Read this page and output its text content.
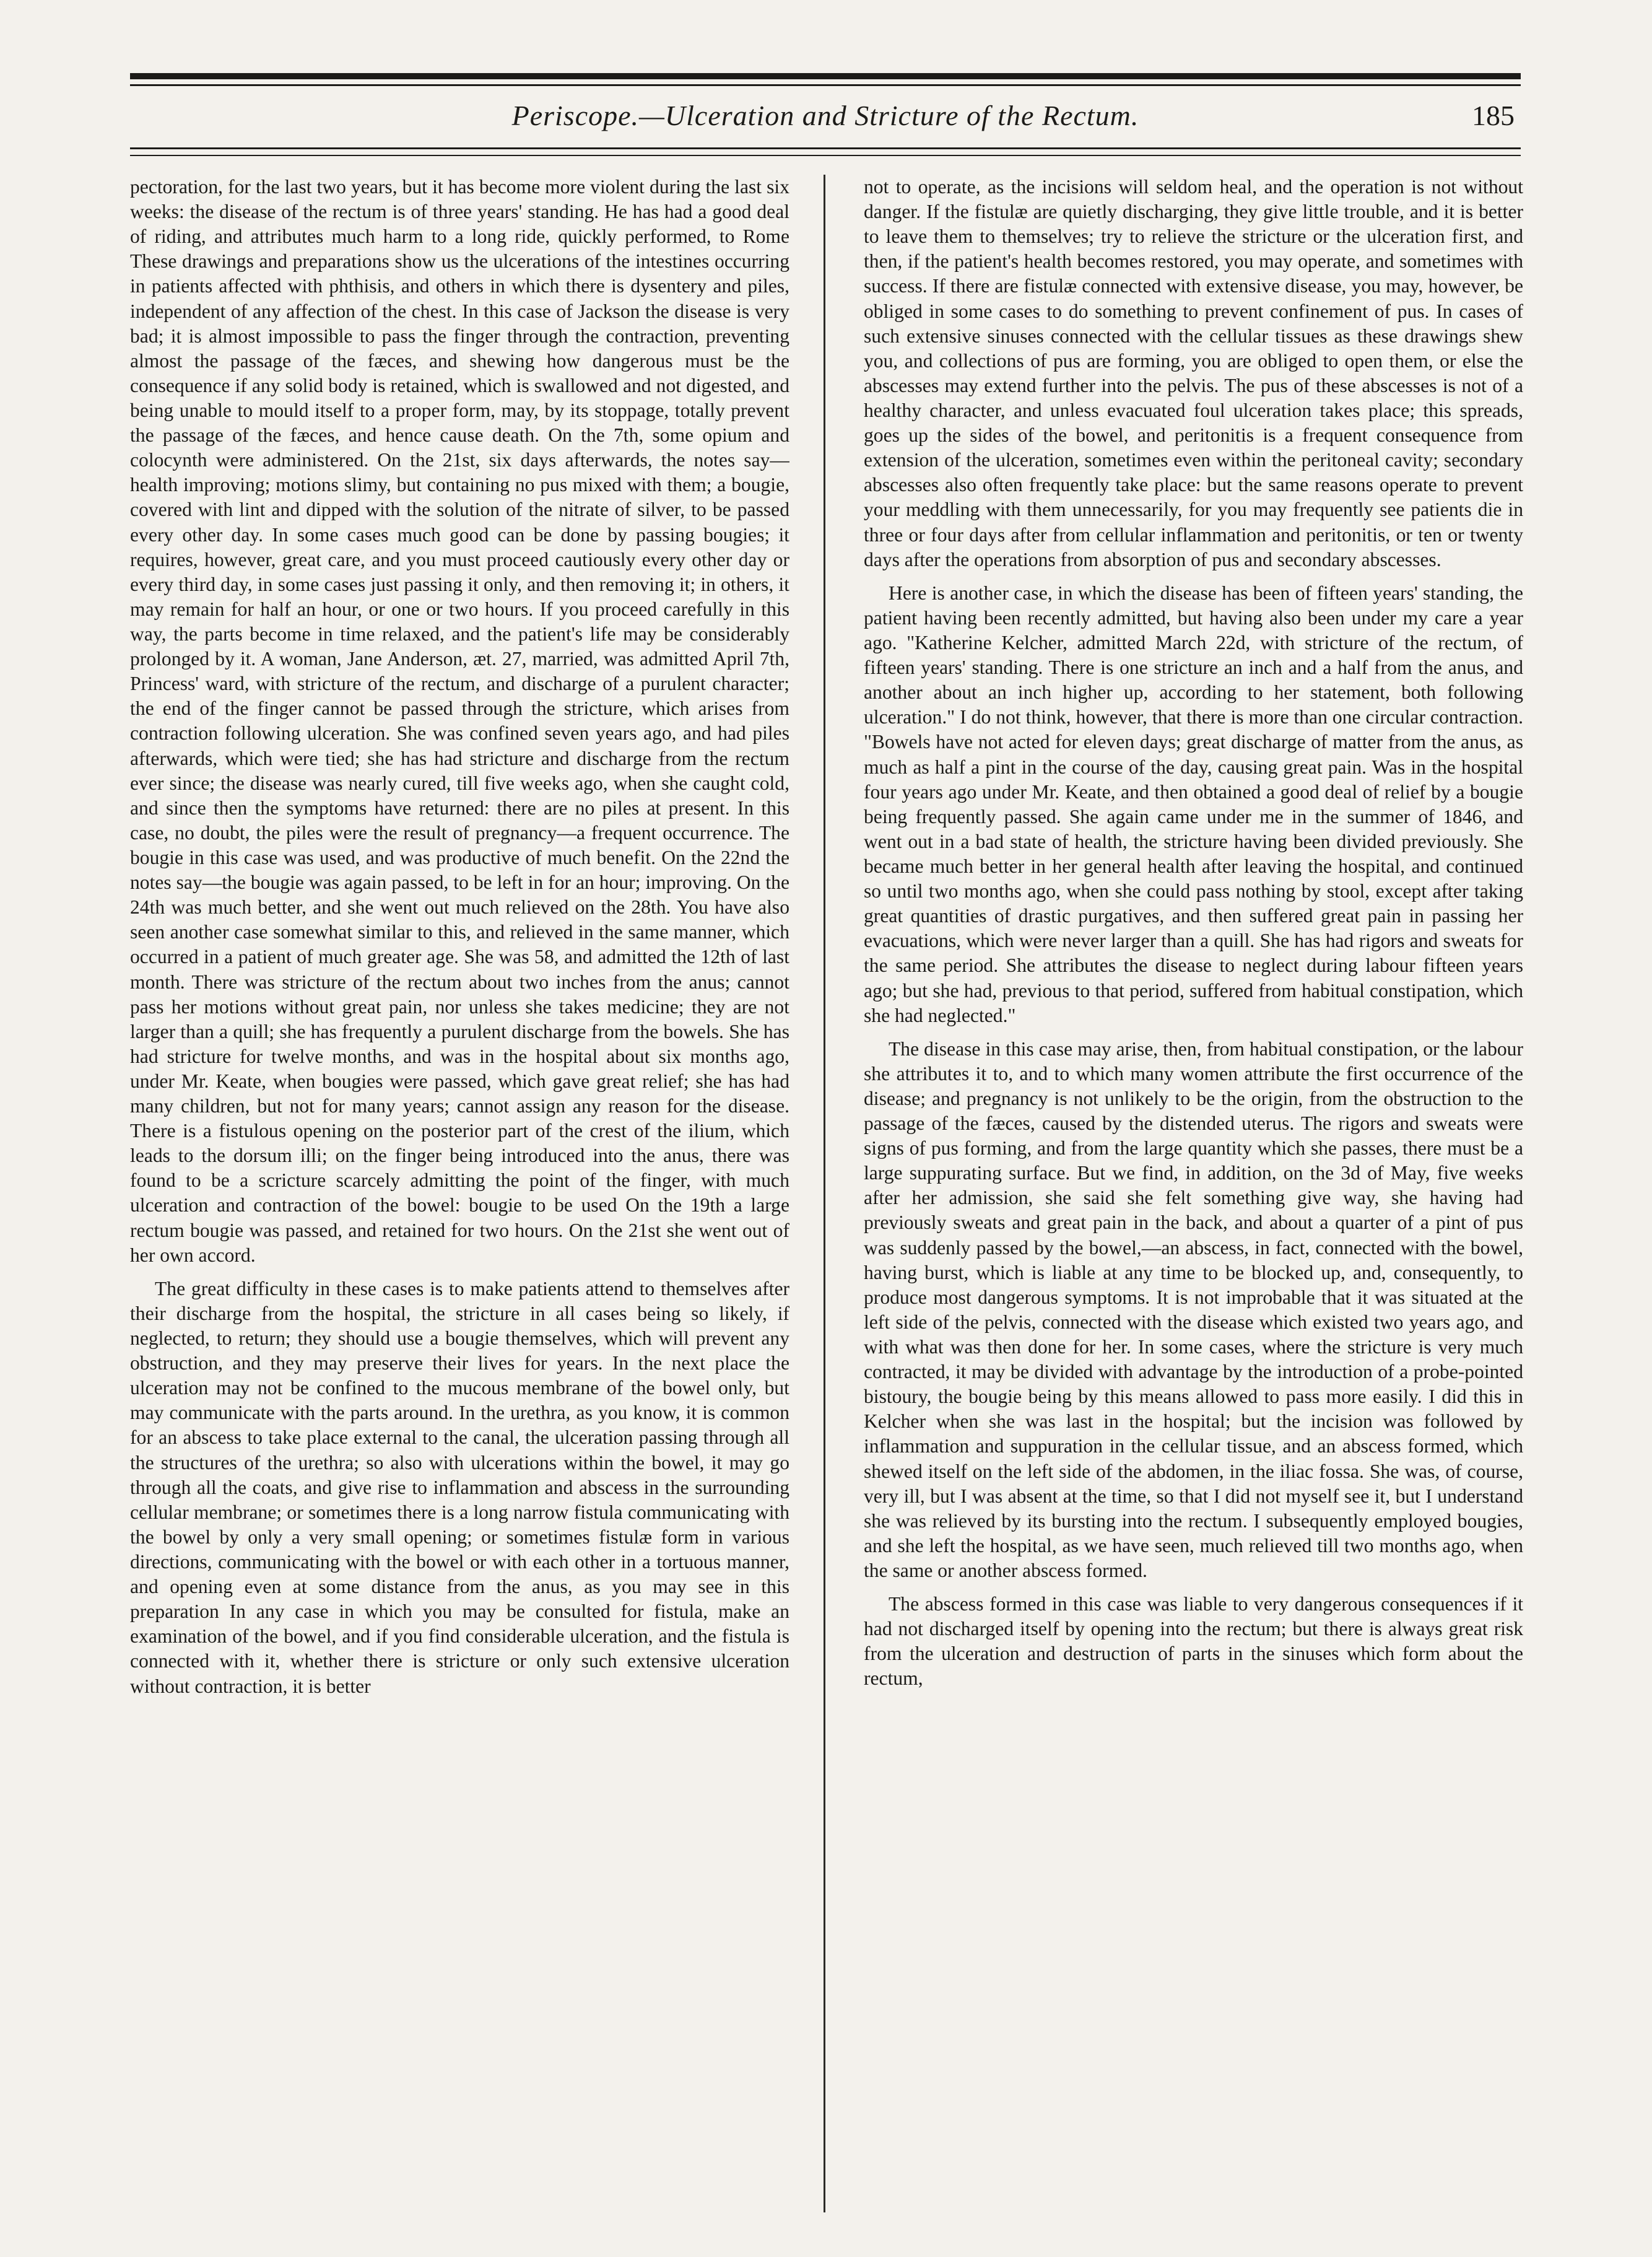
Periscope.—Ulceration and Stricture of the Rectum.	185

pectoration, for the last two years, but it has become more violent during the last six weeks: the disease of the rectum is of three years' standing. He has had a good deal of riding, and attributes much harm to a long ride, quickly performed, to Rome These drawings and preparations show us the ulcerations of the intestines occurring in patients affected with phthisis, and others in which there is dysentery and piles, independent of any affection of the chest. In this case of Jackson the disease is very bad; it is almost impossible to pass the finger through the contraction, preventing almost the passage of the fæces, and shewing how dangerous must be the consequence if any solid body is retained, which is swallowed and not digested, and being unable to mould itself to a proper form, may, by its stoppage, totally prevent the passage of the fæces, and hence cause death. On the 7th, some opium and colocynth were administered. On the 21st, six days afterwards, the notes say—health improving; motions slimy, but containing no pus mixed with them; a bougie, covered with lint and dipped with the solution of the nitrate of silver, to be passed every other day. In some cases much good can be done by passing bougies; it requires, however, great care, and you must proceed cautiously every other day or every third day, in some cases just passing it only, and then removing it; in others, it may remain for half an hour, or one or two hours. If you proceed carefully in this way, the parts become in time relaxed, and the patient's life may be considerably prolonged by it. A woman, Jane Anderson, æt. 27, married, was admitted April 7th, Princess' ward, with stricture of the rectum, and discharge of a purulent character; the end of the finger cannot be passed through the stricture, which arises from contraction following ulceration. She was confined seven years ago, and had piles afterwards, which were tied; she has had stricture and discharge from the rectum ever since; the disease was nearly cured, till five weeks ago, when she caught cold, and since then the symptoms have returned: there are no piles at present. In this case, no doubt, the piles were the result of pregnancy—a frequent occurrence. The bougie in this case was used, and was productive of much benefit. On the 22nd the notes say—the bougie was again passed, to be left in for an hour; improving. On the 24th was much better, and she went out much relieved on the 28th. You have also seen another case somewhat similar to this, and relieved in the same manner, which occurred in a patient of much greater age. She was 58, and admitted the 12th of last month. There was stricture of the rectum about two inches from the anus; cannot pass her motions without great pain, nor unless she takes medicine; they are not larger than a quill; she has frequently a purulent discharge from the bowels. She has had stricture for twelve months, and was in the hospital about six months ago, under Mr. Keate, when bougies were passed, which gave great relief; she has had many children, but not for many years; cannot assign any reason for the disease. There is a fistulous opening on the posterior part of the crest of the ilium, which leads to the dorsum illi; on the finger being introduced into the anus, there was found to be a scricture scarcely admitting the point of the finger, with much ulceration and contraction of the bowel: bougie to be used On the 19th a large rectum bougie was passed, and retained for two hours. On the 21st she went out of her own accord.

The great difficulty in these cases is to make patients attend to themselves after their discharge from the hospital, the stricture in all cases being so likely, if neglected, to return; they should use a bougie themselves, which will prevent any obstruction, and they may preserve their lives for years. In the next place the ulceration may not be confined to the mucous membrane of the bowel only, but may communicate with the parts around. In the urethra, as you know, it is common for an abscess to take place external to the canal, the ulceration passing through all the structures of the urethra; so also with ulcerations within the bowel, it may go through all the coats, and give rise to inflammation and abscess in the surrounding cellular membrane; or sometimes there is a long narrow fistula communicating with the bowel by only a very small opening; or sometimes fistulæ form in various directions, communicating with the bowel or with each other in a tortuous manner, and opening even at some distance from the anus, as you may see in this preparation In any case in which you may be consulted for fistula, make an examination of the bowel, and if you find considerable ulceration, and the fistula is connected with it, whether there is stricture or only such extensive ulceration without contraction, it is better

not to operate, as the incisions will seldom heal, and the operation is not without danger. If the fistulæ are quietly discharging, they give little trouble, and it is better to leave them to themselves; try to relieve the stricture or the ulceration first, and then, if the patient's health becomes restored, you may operate, and sometimes with success. If there are fistulæ connected with extensive disease, you may, however, be obliged in some cases to do something to prevent confinement of pus. In cases of such extensive sinuses connected with the cellular tissues as these drawings shew you, and collections of pus are forming, you are obliged to open them, or else the abscesses may extend further into the pelvis. The pus of these abscesses is not of a healthy character, and unless evacuated foul ulceration takes place; this spreads, goes up the sides of the bowel, and peritonitis is a frequent consequence from extension of the ulceration, sometimes even within the peritoneal cavity; secondary abscesses also often frequently take place: but the same reasons operate to prevent your meddling with them unnecessarily, for you may frequently see patients die in three or four days after from cellular inflammation and peritonitis, or ten or twenty days after the operations from absorption of pus and secondary abscesses.

Here is another case, in which the disease has been of fifteen years' standing, the patient having been recently admitted, but having also been under my care a year ago. "Katherine Kelcher, admitted March 22d, with stricture of the rectum, of fifteen years' standing. There is one stricture an inch and a half from the anus, and another about an inch higher up, according to her statement, both following ulceration." I do not think, however, that there is more than one circular contraction. "Bowels have not acted for eleven days; great discharge of matter from the anus, as much as half a pint in the course of the day, causing great pain. Was in the hospital four years ago under Mr. Keate, and then obtained a good deal of relief by a bougie being frequently passed. She again came under me in the summer of 1846, and went out in a bad state of health, the stricture having been divided previously. She became much better in her general health after leaving the hospital, and continued so until two months ago, when she could pass nothing by stool, except after taking great quantities of drastic purgatives, and then suffered great pain in passing her evacuations, which were never larger than a quill. She has had rigors and sweats for the same period. She attributes the disease to neglect during labour fifteen years ago; but she had, previous to that period, suffered from habitual constipation, which she had neglected."

The disease in this case may arise, then, from habitual constipation, or the labour she attributes it to, and to which many women attribute the first occurrence of the disease; and pregnancy is not unlikely to be the origin, from the obstruction to the passage of the fæces, caused by the distended uterus. The rigors and sweats were signs of pus forming, and from the large quantity which she passes, there must be a large suppurating surface. But we find, in addition, on the 3d of May, five weeks after her admission, she said she felt something give way, she having had previously sweats and great pain in the back, and about a quarter of a pint of pus was suddenly passed by the bowel,—an abscess, in fact, connected with the bowel, having burst, which is liable at any time to be blocked up, and, consequently, to produce most dangerous symptoms. It is not improbable that it was situated at the left side of the pelvis, connected with the disease which existed two years ago, and with what was then done for her. In some cases, where the stricture is very much contracted, it may be divided with advantage by the introduction of a probe-pointed bistoury, the bougie being by this means allowed to pass more easily. I did this in Kelcher when she was last in the hospital; but the incision was followed by inflammation and suppuration in the cellular tissue, and an abscess formed, which shewed itself on the left side of the abdomen, in the iliac fossa. She was, of course, very ill, but I was absent at the time, so that I did not myself see it, but I understand she was relieved by its bursting into the rectum. I subsequently employed bougies, and she left the hospital, as we have seen, much relieved till two months ago, when the same or another abscess formed.

The abscess formed in this case was liable to very dangerous consequences if it had not discharged itself by opening into the rectum; but there is always great risk from the ulceration and destruction of parts in the sinuses which form about the rectum,
